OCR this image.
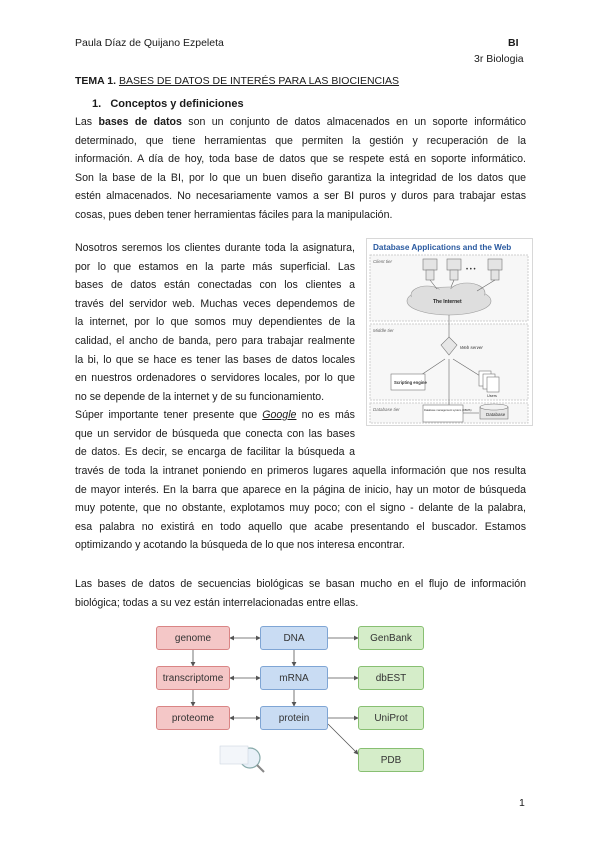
Paula Díaz de Quijano Ezpeleta	BI
3r Biologia
TEMA 1. BASES DE DATOS DE INTERÉS PARA LAS BIOCIENCIAS
1. Conceptos y definiciones
Las bases de datos son un conjunto de datos almacenados en un soporte informático
determinado, que tiene herramientas que permiten la gestión y recuperación de la
información. A día de hoy, toda base de datos que se respete está en soporte informático.
Son la base de la BI, por lo que un buen diseño garantiza la integridad de los datos que
estén almacenados. No necesariamente vamos a ser BI puros y duros para trabajar estas
cosas, pues deben tener herramientas fáciles para la manipulación.
Nosotros seremos los clientes durante toda la asignatura,
por lo que estamos en la parte más superficial. Las
bases de datos están conectadas con los clientes a
través del servidor web. Muchas veces dependemos de
la internet, por lo que somos muy dependientes de la
calidad, el ancho de banda, pero para trabajar realmente
la bi, lo que se hace es tener las bases de datos locales
en nuestros ordenadores o servidores locales, por lo que
no se depende de la internet y de su funcionamiento.
Súper importante tener presente que Google no es más
que un servidor de búsqueda que conecta con las bases
de datos. Es decir, se encarga de facilitar la búsqueda a
través de toda la intranet poniendo en primeros lugares aquella información que nos resulta
de mayor interés. En la barra que aparece en la página de inicio, hay un motor de búsqueda
muy potente, que no obstante, explotamos muy poco; con el signo - delante de la palabra,
esa palabra no existirá en todo aquello que acabe presentando el buscador. Estamos
optimizando y acotando la búsqueda de lo que nos interesa encontrar.
Las bases de datos de secuencias biológicas se basan mucho en el flujo de información
biológica; todas a su vez están interrelacionadas entre ellas.
Database Applications and the Web
Client tier
Middle tier
Database tier
• • •
The Internet
Web server
Scripting engine
Users
Database management system (DBMS)
Database
genome
transcriptome
proteome
DNA
mRNA
protein
GenBank
dbEST
UniProt
PDB
1
